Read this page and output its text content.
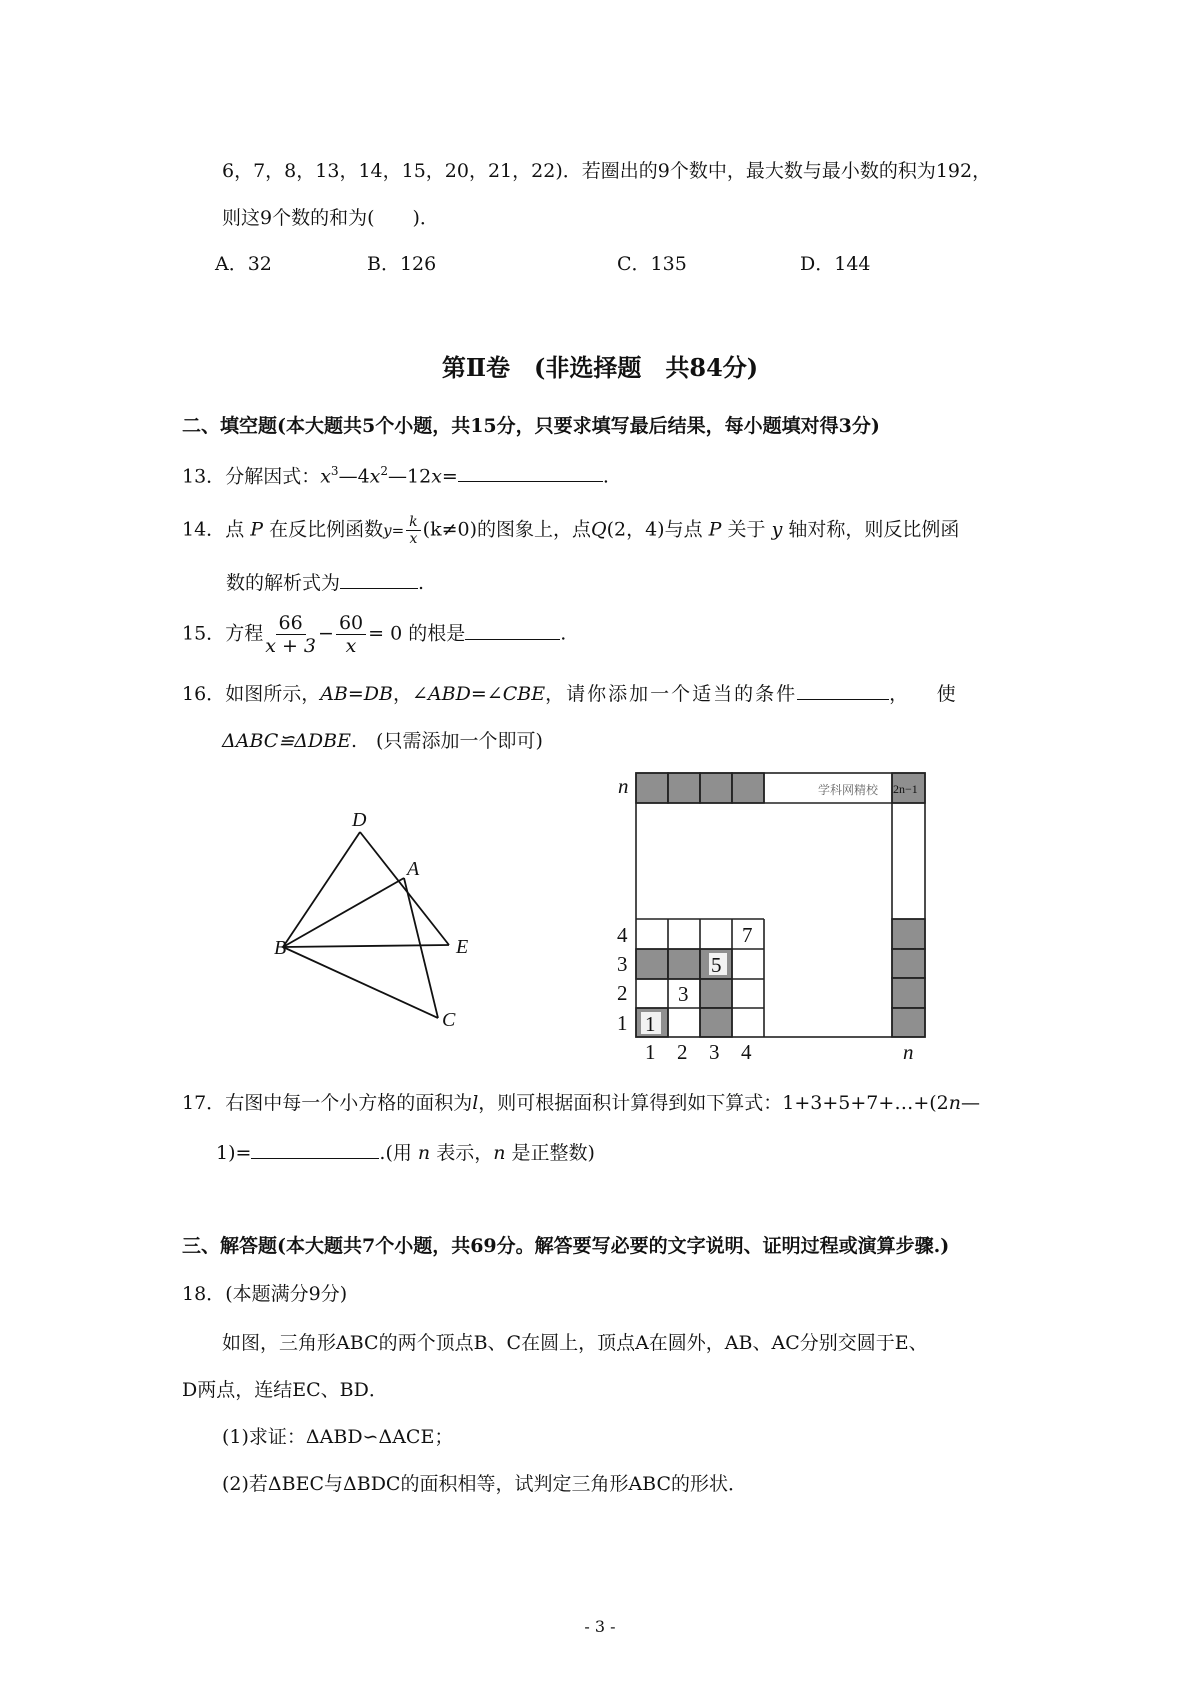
6，7，8，13，14，15，20，21，22)．若圈出的9个数中，最大数与最小数的积为192，
则这9个数的和为(　　)．
A．32	B．126	C．135	D．144
第Ⅱ卷　(非选择题　共84分)
二、填空题(本大题共5个小题，共15分，只要求填写最后结果，每小题填对得3分)
13．分解因式：$x^3—4x^2—12x=$	.
14．点 P 在反比例函数$y= \frac{k}{x} (k\ne 0)$的图象上，点Q(2，4)与点 P 关于 y 轴对称，则反比例函
数的解析式为	.
15．方程 $\frac{66}{x + 3} - \frac{60}{x} = 0$ 的根是	.
16．如图所示，AB=DB，∠ABD=∠CBE，请你添加一个适当的条件	，　　使
ΔABC≌ΔDBE.　(只需添加一个即可)
D
A
B	E
C
n
4
3
2
1
1 2 3 4	n
1
3
5
7
2n−1
学科网精校
17．右图中每一个小方格的面积为l，则可根据面积计算得到如下算式：1+3+5+7+…+(2n—
1)=	.(用 n 表示，n 是正整数)
三、解答题(本大题共7个小题，共69分。解答要写必要的文字说明、证明过程或演算步骤.)
18．(本题满分9分)
如图，三角形ABC的两个顶点B、C在圆上，顶点A在圆外，AB、AC分别交圆于E、
D两点，连结EC、BD．
(1)求证：ΔABD∽ΔACE；
(2)若ΔBEC与ΔBDC的面积相等，试判定三角形ABC的形状．
- 3 -
